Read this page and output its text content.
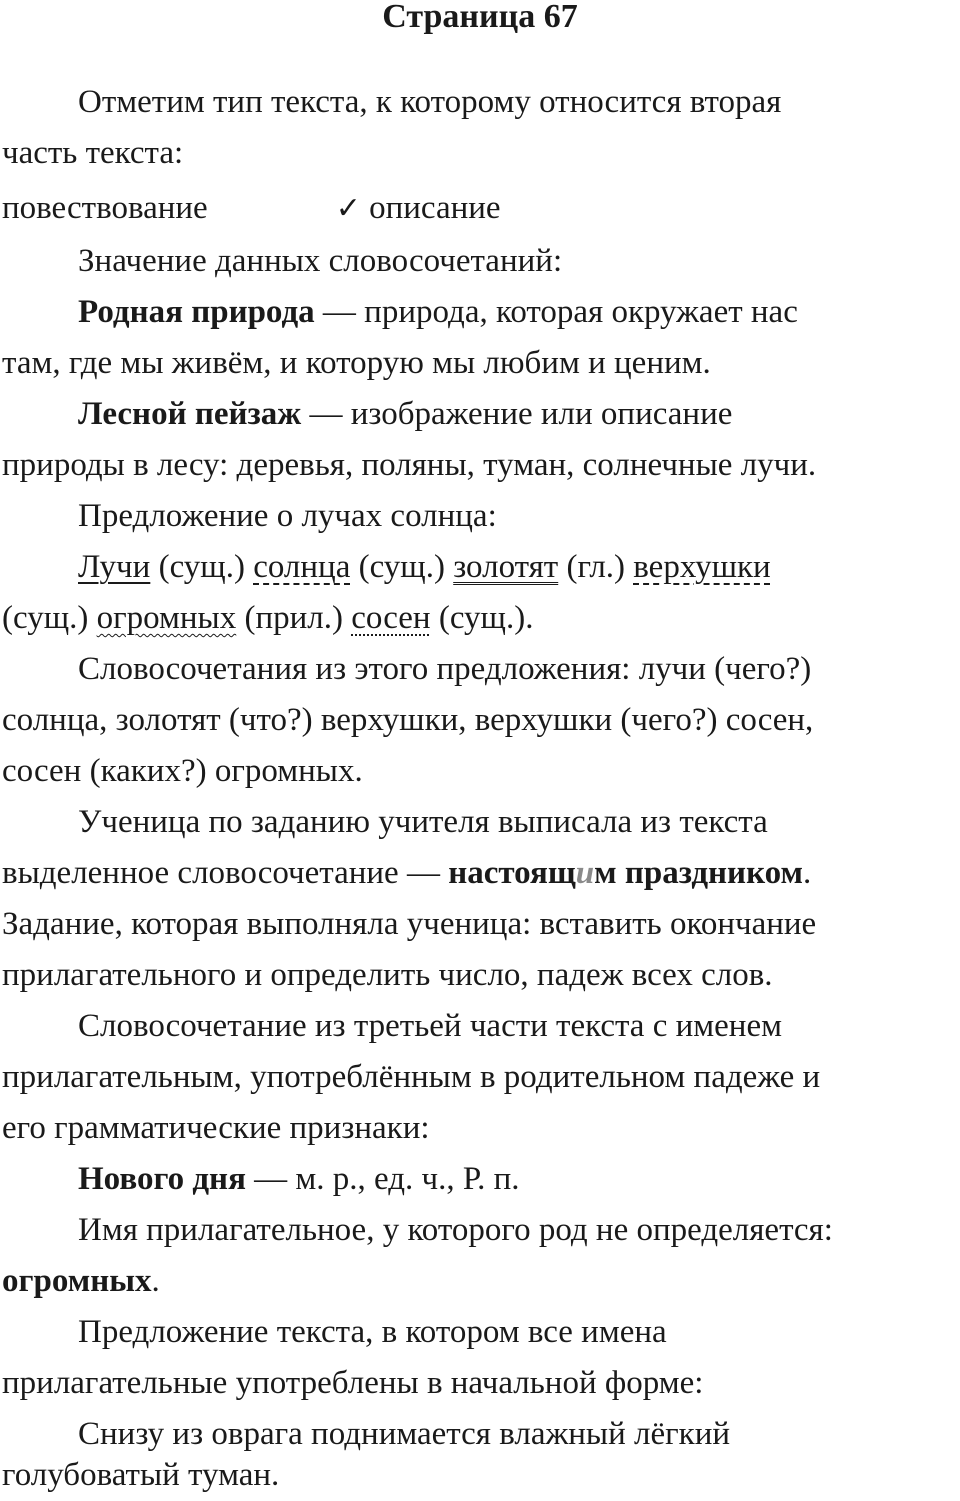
Страница 67
Отметим тип текста, к которому относится вторая
часть текста:
повествование	✓ описание
Значение данных словосочетаний:
Родная природа — природа, которая окружает нас
там, где мы живём, и которую мы любим и ценим.
Лесной пейзаж — изображение или описание
природы в лесу: деревья, поляны, туман, солнечные лучи.
Предложение о лучах солнца:
Лучи (сущ.) солнца (сущ.) золотят (гл.) верхушки
(сущ.) огромных (прил.) сосен (сущ.).
Словосочетания из этого предложения: лучи (чего?)
солнца, золотят (что?) верхушки, верхушки (чего?) сосен,
сосен (каких?) огромных.
Ученица по заданию учителя выписала из текста
выделенное словосочетание — настоящим праздником.
Задание, которая выполняла ученица: вставить окончание
прилагательного и определить число, падеж всех слов.
Словосочетание из третьей части текста с именем
прилагательным, употреблённым в родительном падеже и
его грамматические признаки:
Нового дня — м. р., ед. ч., Р. п.
Имя прилагательное, у которого род не определяется:
огромных.
Предложение текста, в котором все имена
прилагательные употреблены в начальной форме:
Снизу из оврага поднимается влажный лёгкий
голубоватый туман.
